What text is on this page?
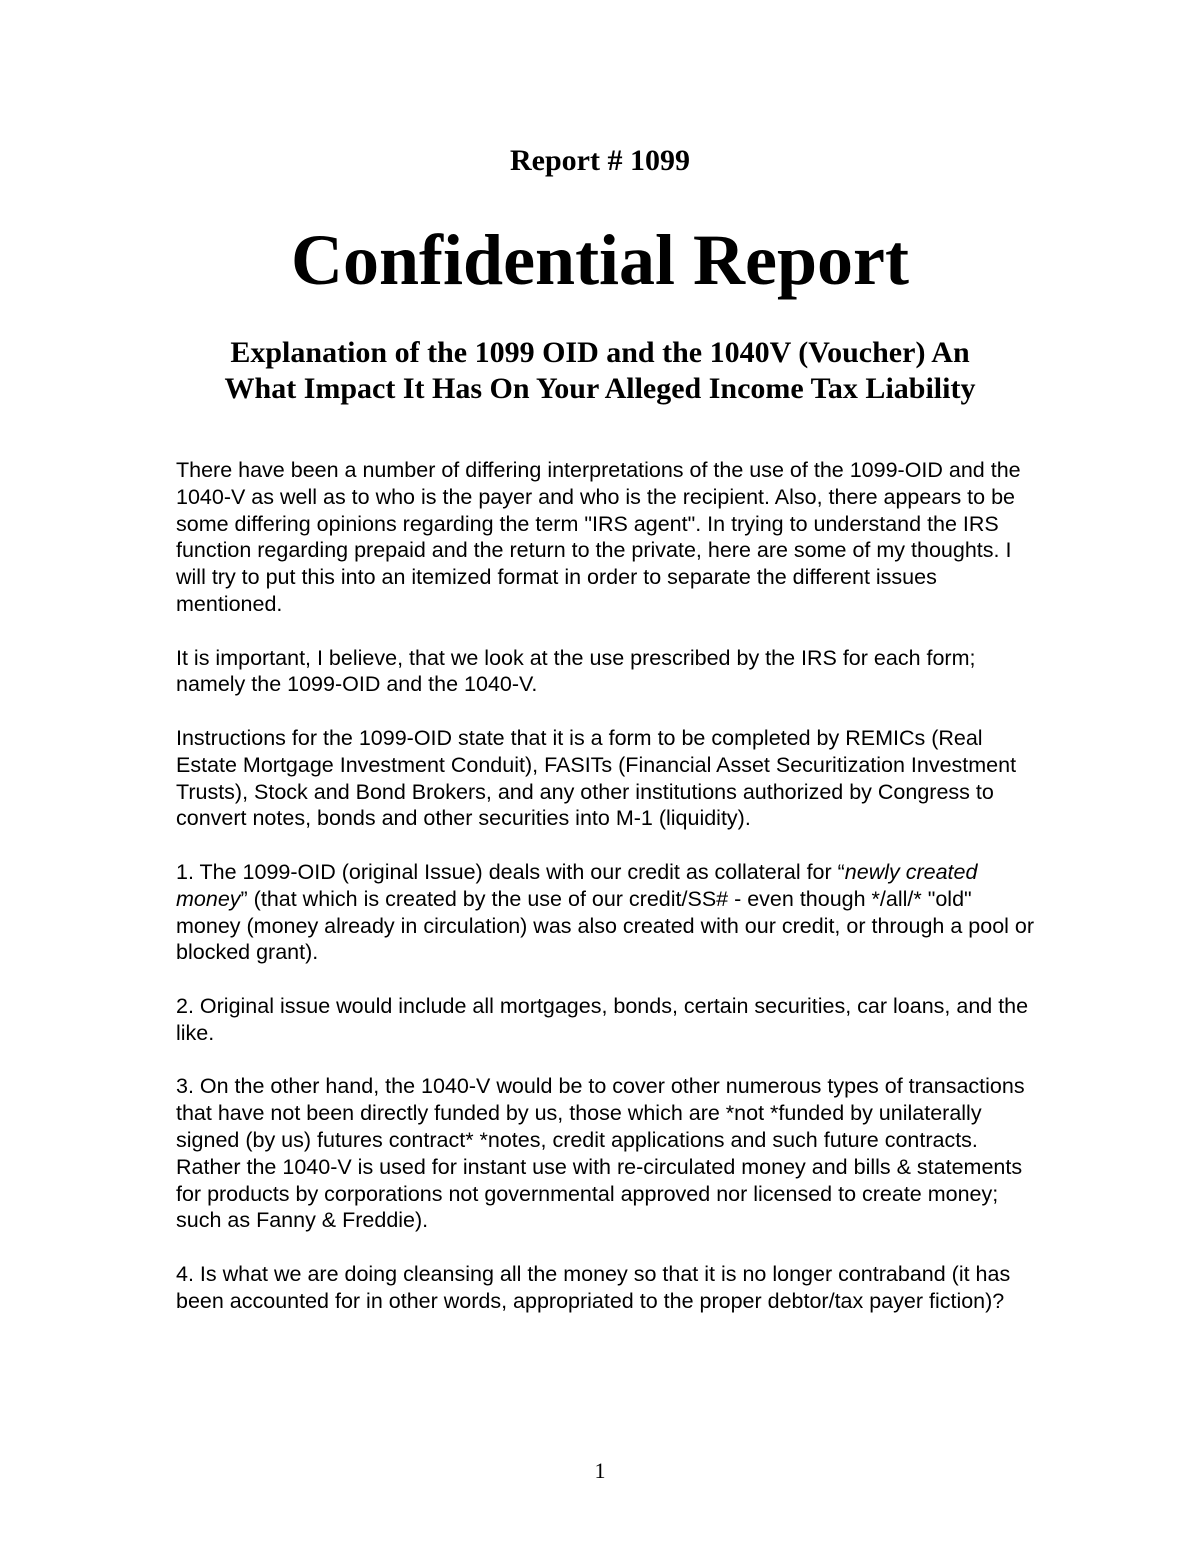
Report # 1099
Confidential Report
Explanation of the 1099 OID and the 1040V (Voucher) An
What Impact It Has On Your Alleged Income Tax Liability

There have been a number of differing interpretations of the use of the 1099-OID and the 1040-V as well as to who is the payer and who is the recipient. Also, there appears to be some differing opinions regarding the term "IRS agent". In trying to understand the IRS function regarding prepaid and the return to the private, here are some of my thoughts. I will try to put this into an itemized format in order to separate the different issues mentioned.

It is important, I believe, that we look at the use prescribed by the IRS for each form; namely the 1099-OID and the 1040-V.

Instructions for the 1099-OID state that it is a form to be completed by REMICs (Real Estate Mortgage Investment Conduit), FASITs (Financial Asset Securitization Investment Trusts), Stock and Bond Brokers, and any other institutions authorized by Congress to convert notes, bonds and other securities into M-1 (liquidity).

1. The 1099-OID (original Issue) deals with our credit as collateral for “newly created money” (that which is created by the use of our credit/SS# - even though */all/* "old" money (money already in circulation) was also created with our credit, or through a pool or blocked grant).

2. Original issue would include all mortgages, bonds, certain securities, car loans, and the like.

3. On the other hand, the 1040-V would be to cover other numerous types of transactions that have not been directly funded by us, those which are *not *funded by unilaterally signed (by us) futures contract* *notes, credit applications and such future contracts. Rather the 1040-V is used for instant use with re-circulated money and bills & statements for products by corporations not governmental approved nor licensed to create money; such as Fanny & Freddie).

4. Is what we are doing cleansing all the money so that it is no longer contraband (it has been accounted for in other words, appropriated to the proper debtor/tax payer fiction)?

1
